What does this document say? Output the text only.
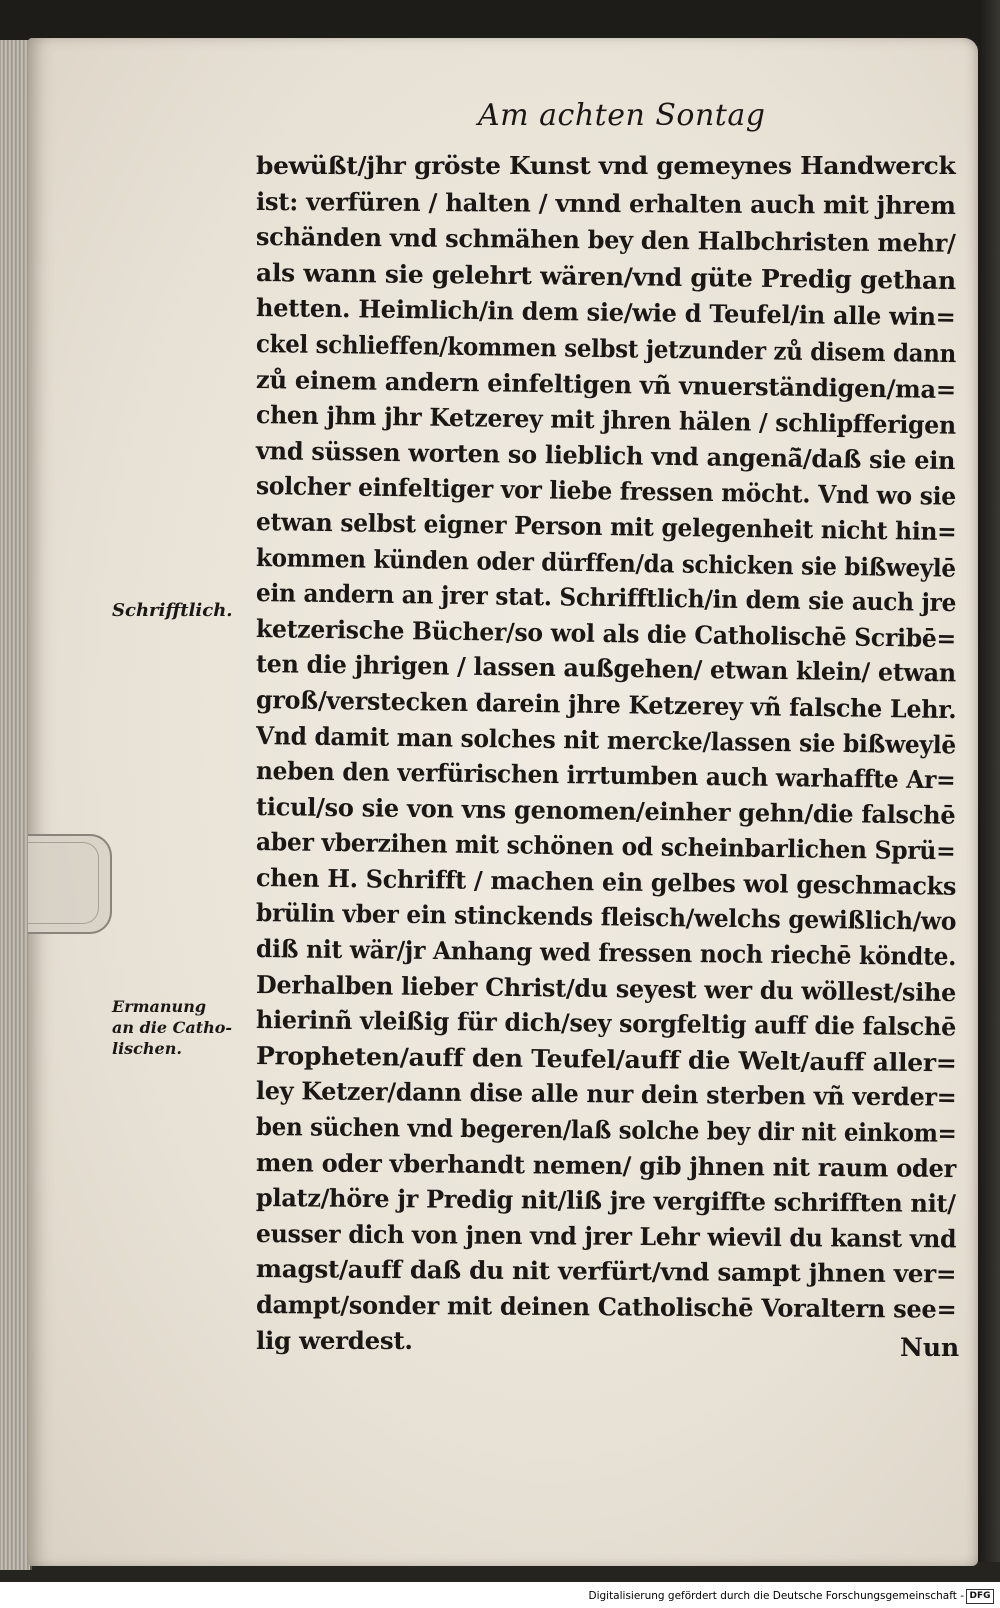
Am achten Sontag

Schrifftlich.

Ermanung
an die Catho-
lischen.

bewüßt/jhr gröste Kunst vnd gemeynes Handwerck
ist: verfüren / halten / vnnd erhalten auch mit jhrem
schänden vnd schmähen bey den Halbchristen mehr/
als wann sie gelehrt wären/vnd güte Predig gethan
hetten. Heimlich/in dem sie/wie d Teufel/in alle win=
ckel schlieffen/kommen selbst jetzunder zů disem dann
zů einem andern einfeltigen vñ vnuerständigen/ma=
chen jhm jhr Ketzerey mit jhren hälen / schlipfferigen
vnd süssen worten so lieblich vnd angenã̄/daß sie ein
solcher einfeltiger vor liebe fressen möcht. Vnd wo sie
etwan selbst eigner Person mit gelegenheit nicht hin=
kommen künden oder dürffen/da schicken sie bißweylē
ein andern an jrer stat. Schrifftlich/in dem sie auch jre
ketzerische Bücher/so wol als die Catholischē Scribē=
ten die jhrigen / lassen außgehen/ etwan klein/ etwan
groß/verstecken darein jhre Ketzerey vñ falsche Lehr.
Vnd damit man solches nit mercke/lassen sie bißweylē
neben den verfürischen irrtumben auch warhaffte Ar=
ticul/so sie von vns genomen/einher gehn/die falschē
aber vberzihen mit schönen od scheinbarlichen Sprü=
chen H. Schrifft / machen ein gelbes wol geschmacks
brülin vber ein stinckends fleisch/welchs gewißlich/wo
diß nit wär/jr Anhang wed fressen noch riechē köndte.
Derhalben lieber Christ/du seyest wer du wöllest/sihe
hierinñ vleißig für dich/sey sorgfeltig auff die falschē
Propheten/auff den Teufel/auff die Welt/auff aller=
ley Ketzer/dann dise alle nur dein sterben vñ verder=
ben süchen vnd begeren/laß solche bey dir nit einkom=
men oder vberhandt nemen/ gib jhnen nit raum oder
platz/höre jr Predig nit/liß jre vergiffte schrifften nit/
eusser dich von jnen vnd jrer Lehr wievil du kanst vnd
magst/auff daß du nit verfürt/vnd sampt jhnen ver=
dampt/sonder mit deinen Catholischē Voraltern see=
lig werdest.	Nun

Digitalisierung gefördert durch die Deutsche Forschungsgemeinschaft - DFG
